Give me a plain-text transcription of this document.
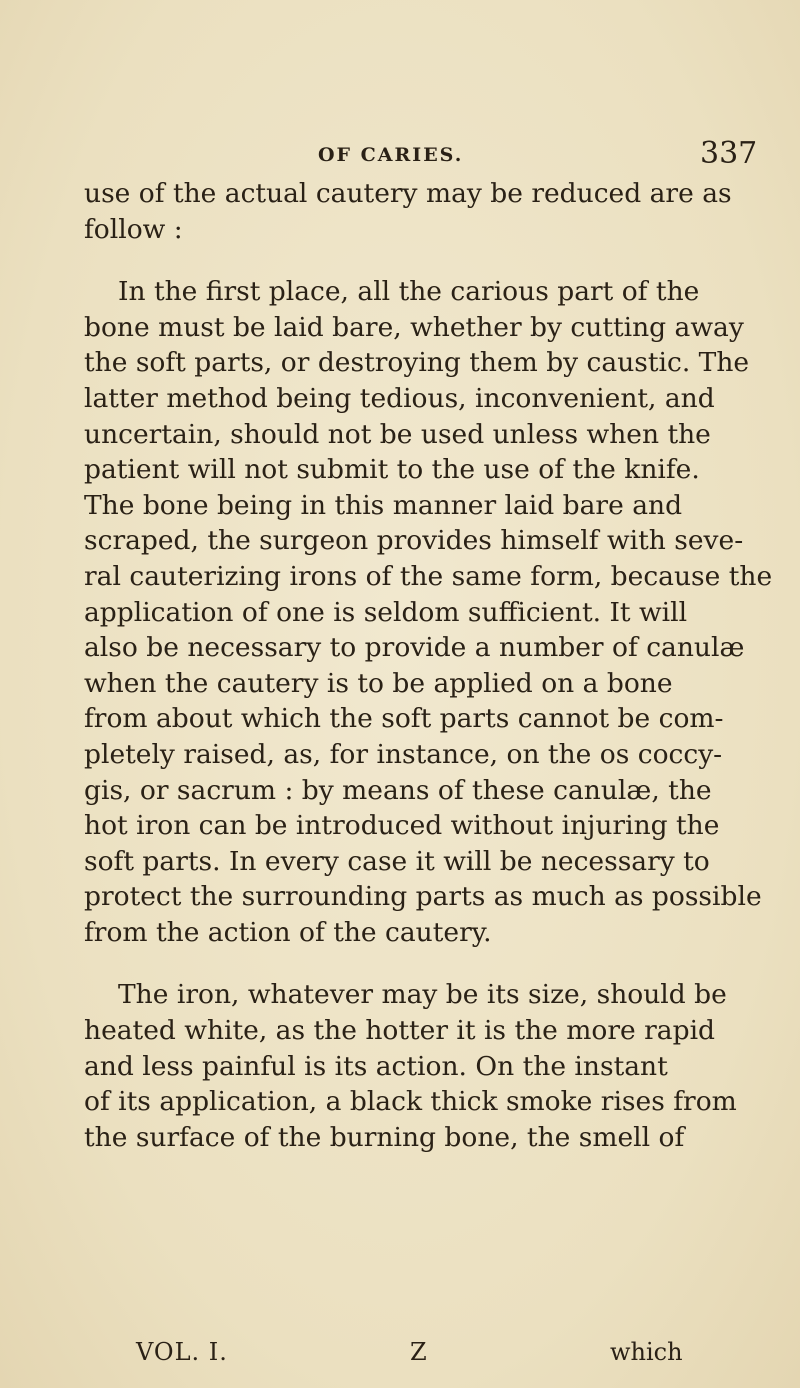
OF CARIES.	337
use of the actual cautery may be reduced are as
follow :
In the first place, all the carious part of the
bone must be laid bare, whether by cutting away
the soft parts, or destroying them by caustic. The
latter method being tedious, inconvenient, and
uncertain, should not be used unless when the
patient will not submit to the use of the knife.
The bone being in this manner laid bare and
scraped, the surgeon provides himself with seve-
ral cauterizing irons of the same form, because the
application of one is seldom sufficient. It will
also be necessary to provide a number of canulæ
when the cautery is to be applied on a bone
from about which the soft parts cannot be com-
pletely raised, as, for instance, on the os coccy-
gis, or sacrum : by means of these canulæ, the
hot iron can be introduced without injuring the
soft parts. In every case it will be necessary to
protect the surrounding parts as much as possible
from the action of the cautery.
The iron, whatever may be its size, should be
heated white, as the hotter it is the more rapid
and less painful is its action. On the instant
of its application, a black thick smoke rises from
the surface of the burning bone, the smell of
VOL. I.	Z	which
